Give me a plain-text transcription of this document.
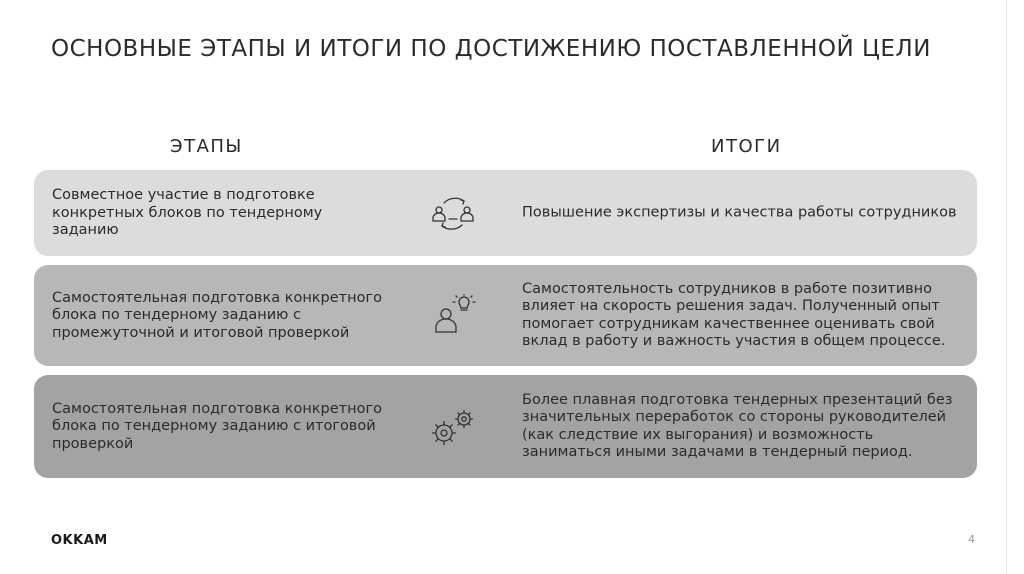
ОСНОВНЫЕ ЭТАПЫ И ИТОГИ ПО ДОСТИЖЕНИЮ ПОСТАВЛЕННОЙ ЦЕЛИ
ЭТАПЫ	ИТОГИ
Совместное участие в подготовке конкретных блоков по тендерному заданию
Повышение экспертизы и качества работы сотрудников
Самостоятельная подготовка конкретного блока по тендерному заданию с промежуточной и итоговой проверкой
Самостоятельность сотрудников в работе позитивно влияет на скорость решения задач. Полученный опыт помогает сотрудникам качественнее оценивать свой вклад в работу и важность участия в общем процессе.
Самостоятельная подготовка конкретного блока по тендерному заданию с итоговой проверкой
Более плавная подготовка тендерных презентаций без значительных переработок со стороны руководителей (как следствие их выгорания) и возможность заниматься иными задачами в тендерный период.
OKKAM	4
